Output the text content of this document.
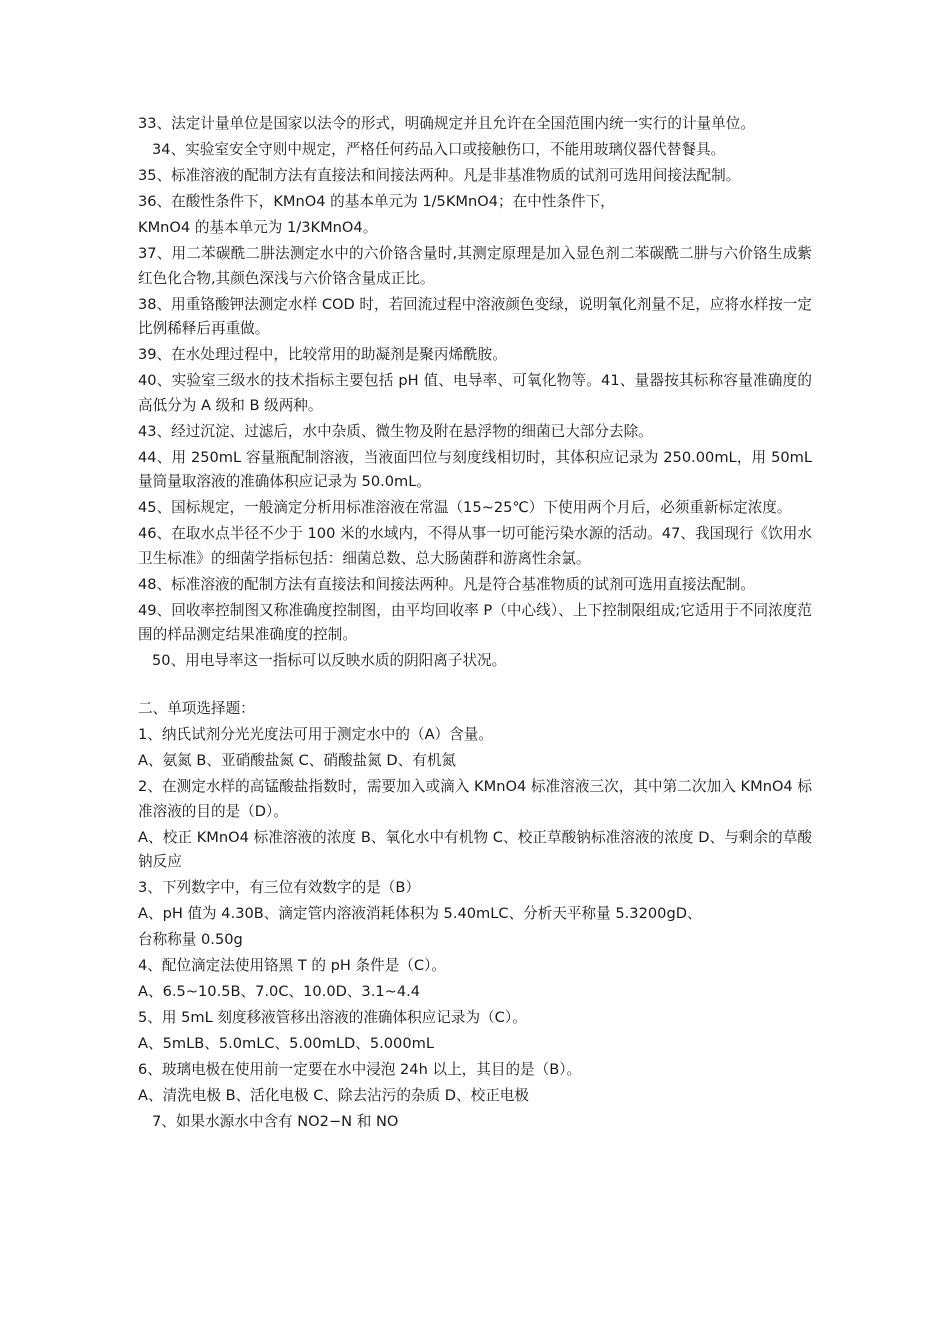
33、法定计量单位是国家以法令的形式，明确规定并且允许在全国范围内统一实行的计量单位。

34、实验室安全守则中规定，严格任何药品入口或接触伤口，不能用玻璃仪器代替餐具。

35、标准溶液的配制方法有直接法和间接法两种。凡是非基准物质的试剂可选用间接法配制。

36、在酸性条件下，KMnO4 的基本单元为 1/5KMnO4；在中性条件下，

KMnO4 的基本单元为 1/3KMnO4。

37、用二苯碳酰二肼法测定水中的六价铬含量时,其测定原理是加入显色剂二苯碳酰二肼与六价铬生成紫红色化合物,其颜色深浅与六价铬含量成正比。

38、用重铬酸钾法测定水样 COD 时，若回流过程中溶液颜色变绿，说明氧化剂量不足，应将水样按一定比例稀释后再重做。

39、在水处理过程中，比较常用的助凝剂是聚丙烯酰胺。

40、实验室三级水的技术指标主要包括 pH 值、电导率、可氧化物等。41、量器按其标称容量准确度的高低分为 A 级和 B 级两种。

43、经过沉淀、过滤后，水中杂质、微生物及附在悬浮物的细菌已大部分去除。

44、用 250mL 容量瓶配制溶液，当液面凹位与刻度线相切时，其体积应记录为 250.00mL，用 50mL 量筒量取溶液的准确体积应记录为 50.0mL。

45、国标规定，一般滴定分析用标准溶液在常温（15~25℃）下使用两个月后，必须重新标定浓度。

46、在取水点半径不少于 100 米的水域内，不得从事一切可能污染水源的活动。47、我国现行《饮用水卫生标准》的细菌学指标包括：细菌总数、总大肠菌群和游离性余氯。

48、标准溶液的配制方法有直接法和间接法两种。凡是符合基准物质的试剂可选用直接法配制。

49、回收率控制图又称准确度控制图，由平均回收率 P（中心线）、上下控制限组成;它适用于不同浓度范围的样品测定结果准确度的控制。

50、用电导率这一指标可以反映水质的阴阳离子状况。

二、单项选择题：

1、纳氏试剂分光光度法可用于测定水中的（A）含量。

A、氨氮 B、亚硝酸盐氮 C、硝酸盐氮 D、有机氮

2、在测定水样的高锰酸盐指数时，需要加入或滴入 KMnO4 标准溶液三次，其中第二次加入 KMnO4 标准溶液的目的是（D）。

A、校正 KMnO4 标准溶液的浓度 B、氧化水中有机物 C、校正草酸钠标准溶液的浓度 D、与剩余的草酸钠反应

3、下列数字中，有三位有效数字的是（B）

A、pH 值为 4.30B、滴定管内溶液消耗体积为 5.40mLC、分析天平称量 5.3200gD、

台称称量 0.50g

4、配位滴定法使用铬黑 T 的 pH 条件是（C）。

A、6.5~10.5B、7.0C、10.0D、3.1~4.4

5、用 5mL 刻度移液管移出溶液的准确体积应记录为（C）。

A、5mLB、5.0mLC、5.00mLD、5.000mL

6、玻璃电极在使用前一定要在水中浸泡 24h 以上，其目的是（B）。

A、清洗电极 B、活化电极 C、除去沾污的杂质 D、校正电极

7、如果水源水中含有 NO2−N 和 NO
